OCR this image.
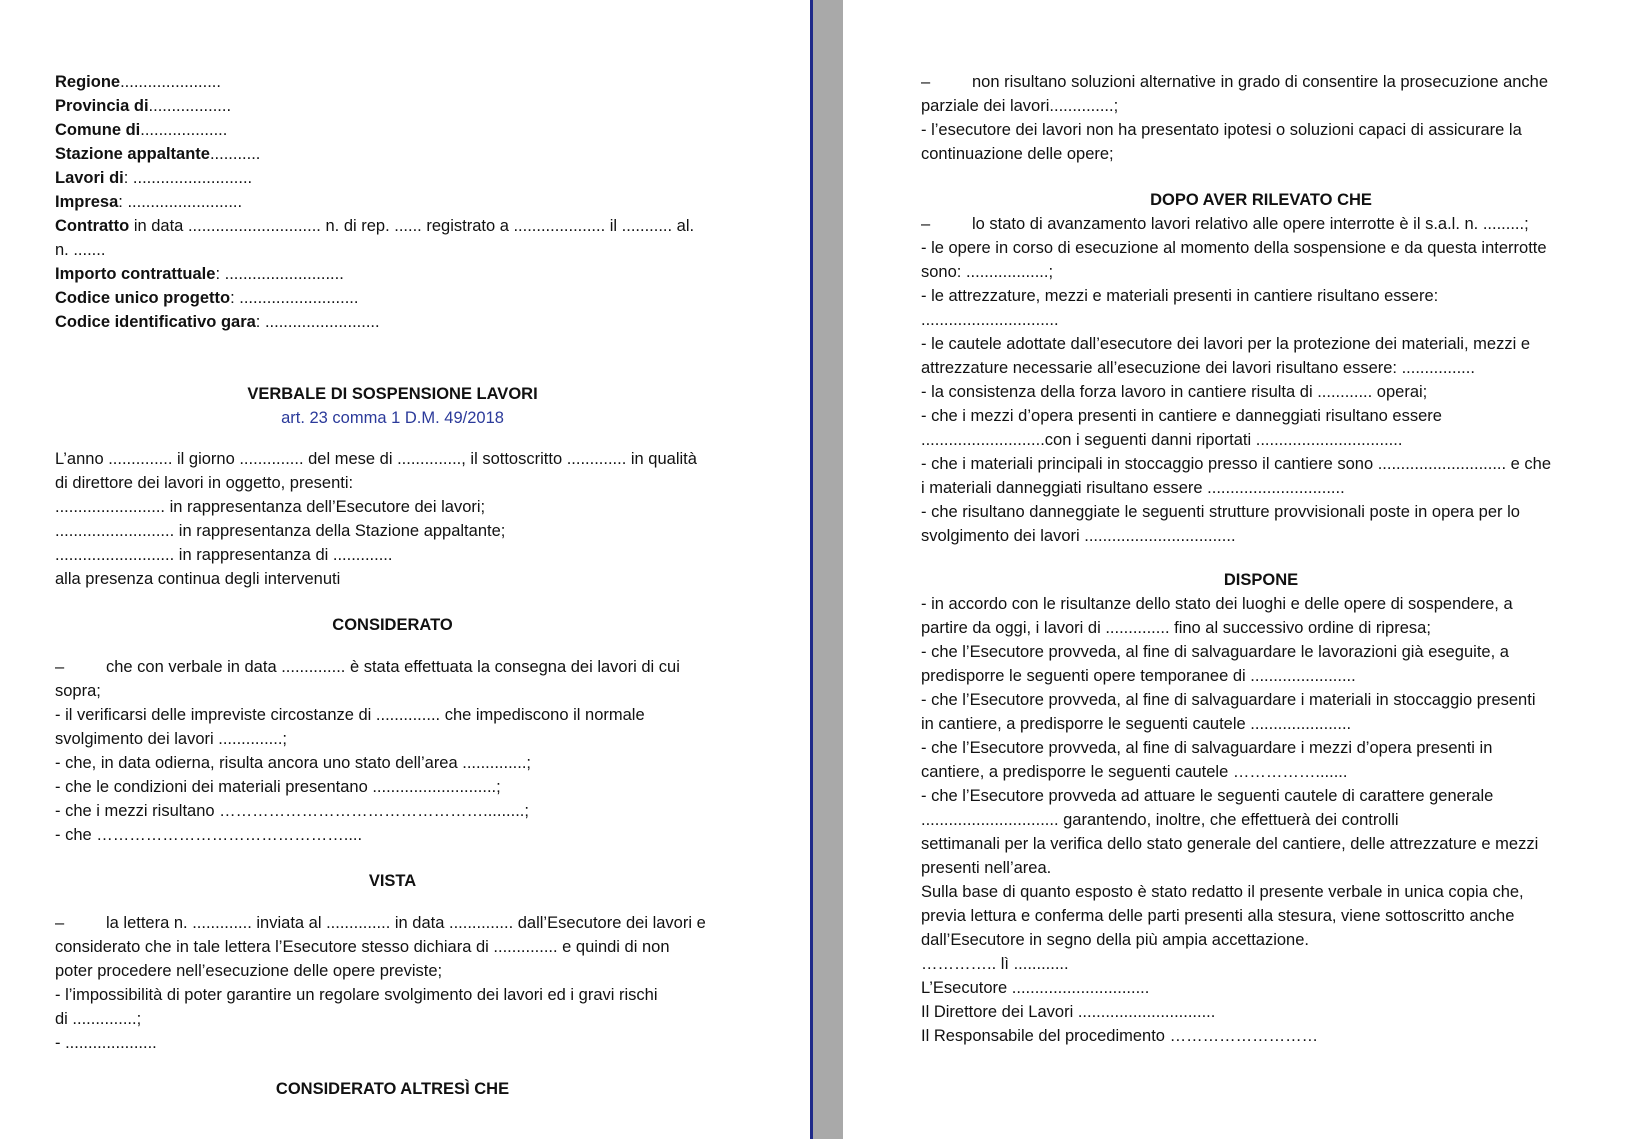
Regione......................
Provincia di..................
Comune di...................
Stazione appaltante...........
Lavori di: ..........................
Impresa: .........................
Contratto in data ............................. n. di rep. ...... registrato a .................... il ........... al.
n. .......
Importo contrattuale: ..........................
Codice unico progetto: ..........................
Codice identificativo gara: .........................
VERBALE DI SOSPENSIONE LAVORI
art. 23 comma 1 D.M. 49/2018
L’anno .............. il giorno .............. del mese di .............., il sottoscritto ............. in qualità
di direttore dei lavori in oggetto, presenti:
........................ in rappresentanza dell’Esecutore dei lavori;
.......................... in rappresentanza della Stazione appaltante;
.......................... in rappresentanza di .............
alla presenza continua degli intervenuti
CONSIDERATO
–	che con verbale in data .............. è stata effettuata la consegna dei lavori di cui
sopra;
- il verificarsi delle impreviste circostanze di .............. che impediscono il normale
svolgimento dei lavori ..............;
- che, in data odierna, risulta ancora uno stato dell’area ..............;
- che le condizioni dei materiali presentano ...........................;
- che i mezzi risultano ………………………………………….........;
- che ………………………………………....
VISTA
–	la lettera n. ............. inviata al .............. in data .............. dall’Esecutore dei lavori e
considerato che in tale lettera l’Esecutore stesso dichiara di .............. e quindi di non
poter procedere nell’esecuzione delle opere previste;
- l’impossibilità di poter garantire un regolare svolgimento dei lavori ed i gravi rischi
di ..............;
- ....................
CONSIDERATO ALTRESÌ CHE
–	non risultano soluzioni alternative in grado di consentire la prosecuzione anche
parziale dei lavori..............;
- l’esecutore dei lavori non ha presentato ipotesi o soluzioni capaci di assicurare la
continuazione delle opere;
DOPO AVER RILEVATO CHE
–	lo stato di avanzamento lavori relativo alle opere interrotte è il s.a.l. n. .........;
- le opere in corso di esecuzione al momento della sospensione e da questa interrotte
sono: ..................;
- le attrezzature, mezzi e materiali presenti in cantiere risultano essere:
..............................
- le cautele adottate dall’esecutore dei lavori per la protezione dei materiali, mezzi e
attrezzature necessarie all’esecuzione dei lavori risultano essere: ................
- la consistenza della forza lavoro in cantiere risulta di ............ operai;
- che i mezzi d’opera presenti in cantiere e danneggiati risultano essere
...........................con i seguenti danni riportati ................................
- che i materiali principali in stoccaggio presso il cantiere sono ............................ e che
i materiali danneggiati risultano essere ..............................
- che risultano danneggiate le seguenti strutture provvisionali poste in opera per lo
svolgimento dei lavori .................................
DISPONE
- in accordo con le risultanze dello stato dei luoghi e delle opere di sospendere, a
partire da oggi, i lavori di .............. fino al successivo ordine di ripresa;
- che l’Esecutore provveda, al fine di salvaguardare le lavorazioni già eseguite, a
predisporre le seguenti opere temporanee di .......................
- che l’Esecutore provveda, al fine di salvaguardare i materiali in stoccaggio presenti
in cantiere, a predisporre le seguenti cautele ......................
- che l’Esecutore provveda, al fine di salvaguardare i mezzi d’opera presenti in
cantiere, a predisporre le seguenti cautele …………….......
- che l’Esecutore provveda ad attuare le seguenti cautele di carattere generale
.............................. garantendo, inoltre, che effettuerà dei controlli
settimanali per la verifica dello stato generale del cantiere, delle attrezzature e mezzi
presenti nell’area.
Sulla base di quanto esposto è stato redatto il presente verbale in unica copia che,
previa lettura e conferma delle parti presenti alla stesura, viene sottoscritto anche
dall’Esecutore in segno della più ampia accettazione.
………….. lì ............
L’Esecutore ..............................
Il Direttore dei Lavori ..............................
Il Responsabile del procedimento ………………………
